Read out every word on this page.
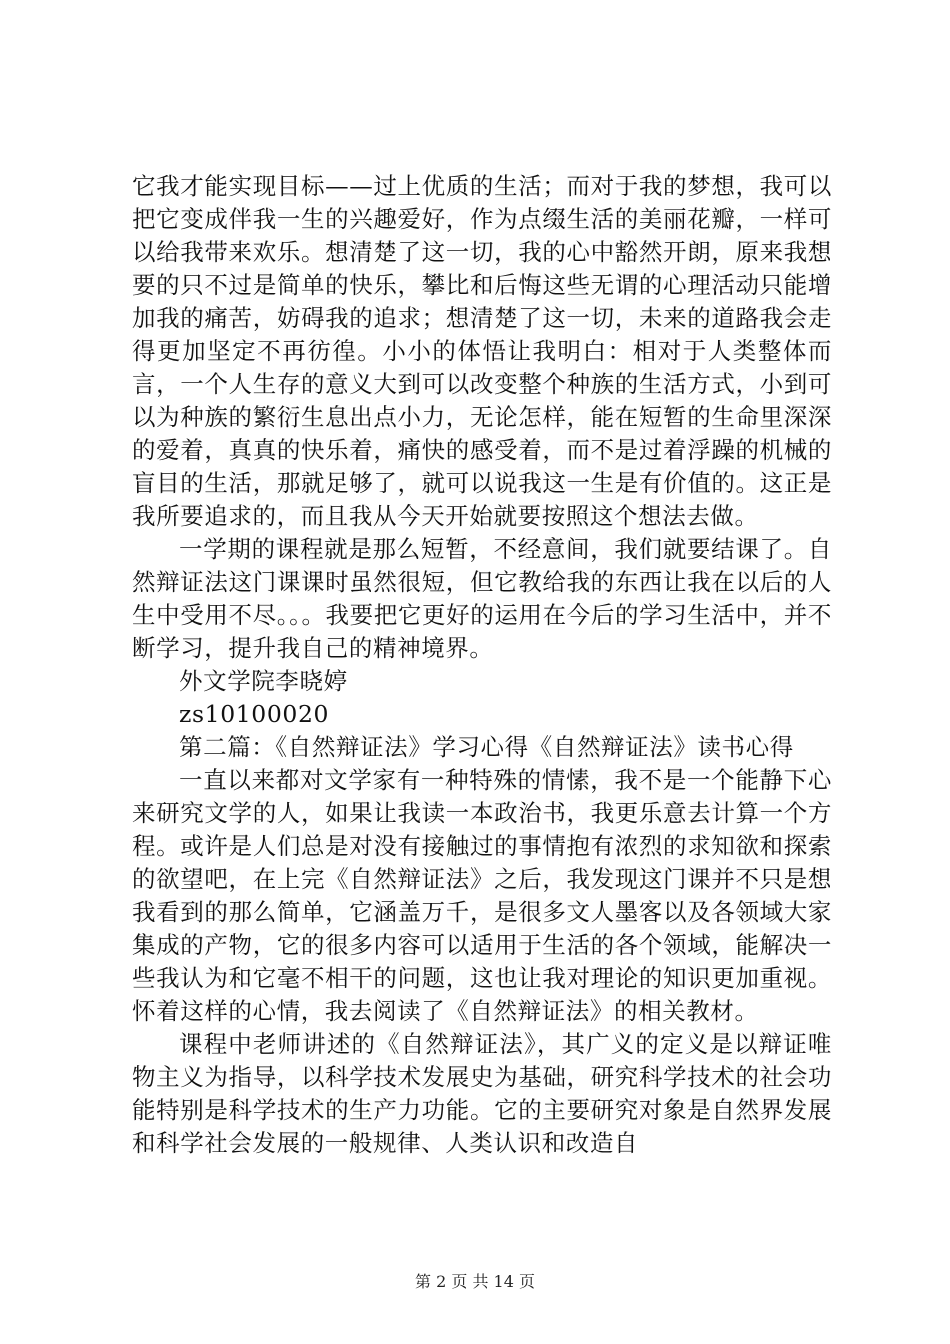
它我才能实现目标——过上优质的生活；而对于我的梦想，我可以把它变成伴我一生的兴趣爱好，作为点缀生活的美丽花瓣，一样可以给我带来欢乐。想清楚了这一切，我的心中豁然开朗，原来我想要的只不过是简单的快乐，攀比和后悔这些无谓的心理活动只能增加我的痛苦，妨碍我的追求；想清楚了这一切，未来的道路我会走得更加坚定不再彷徨。小小的体悟让我明白：相对于人类整体而言，一个人生存的意义大到可以改变整个种族的生活方式，小到可以为种族的繁衍生息出点小力，无论怎样，能在短暂的生命里深深的爱着，真真的快乐着，痛快的感受着，而不是过着浮躁的机械的盲目的生活，那就足够了，就可以说我这一生是有价值的。这正是我所要追求的，而且我从今天开始就要按照这个想法去做。

一学期的课程就是那么短暂，不经意间，我们就要结课了。自然辩证法这门课课时虽然很短，但它教给我的东西让我在以后的人生中受用不尽。。。我要把它更好的运用在今后的学习生活中，并不断学习，提升我自己的精神境界。

外文学院李晓婷

zs10100020

第二篇：《自然辩证法》学习心得《自然辩证法》读书心得

一直以来都对文学家有一种特殊的情愫，我不是一个能静下心来研究文学的人，如果让我读一本政治书，我更乐意去计算一个方程。或许是人们总是对没有接触过的事情抱有浓烈的求知欲和探索的欲望吧，在上完《自然辩证法》之后，我发现这门课并不只是想我看到的那么简单，它涵盖万千，是很多文人墨客以及各领域大家集成的产物，它的很多内容可以适用于生活的各个领域，能解决一些我认为和它毫不相干的问题，这也让我对理论的知识更加重视。怀着这样的心情，我去阅读了《自然辩证法》的相关教材。

课程中老师讲述的《自然辩证法》，其广义的定义是以辩证唯物主义为指导，以科学技术发展史为基础，研究科学技术的社会功能特别是科学技术的生产力功能。它的主要研究对象是自然界发展和科学社会发展的一般规律、人类认识和改造自

第 2 页 共 14 页
